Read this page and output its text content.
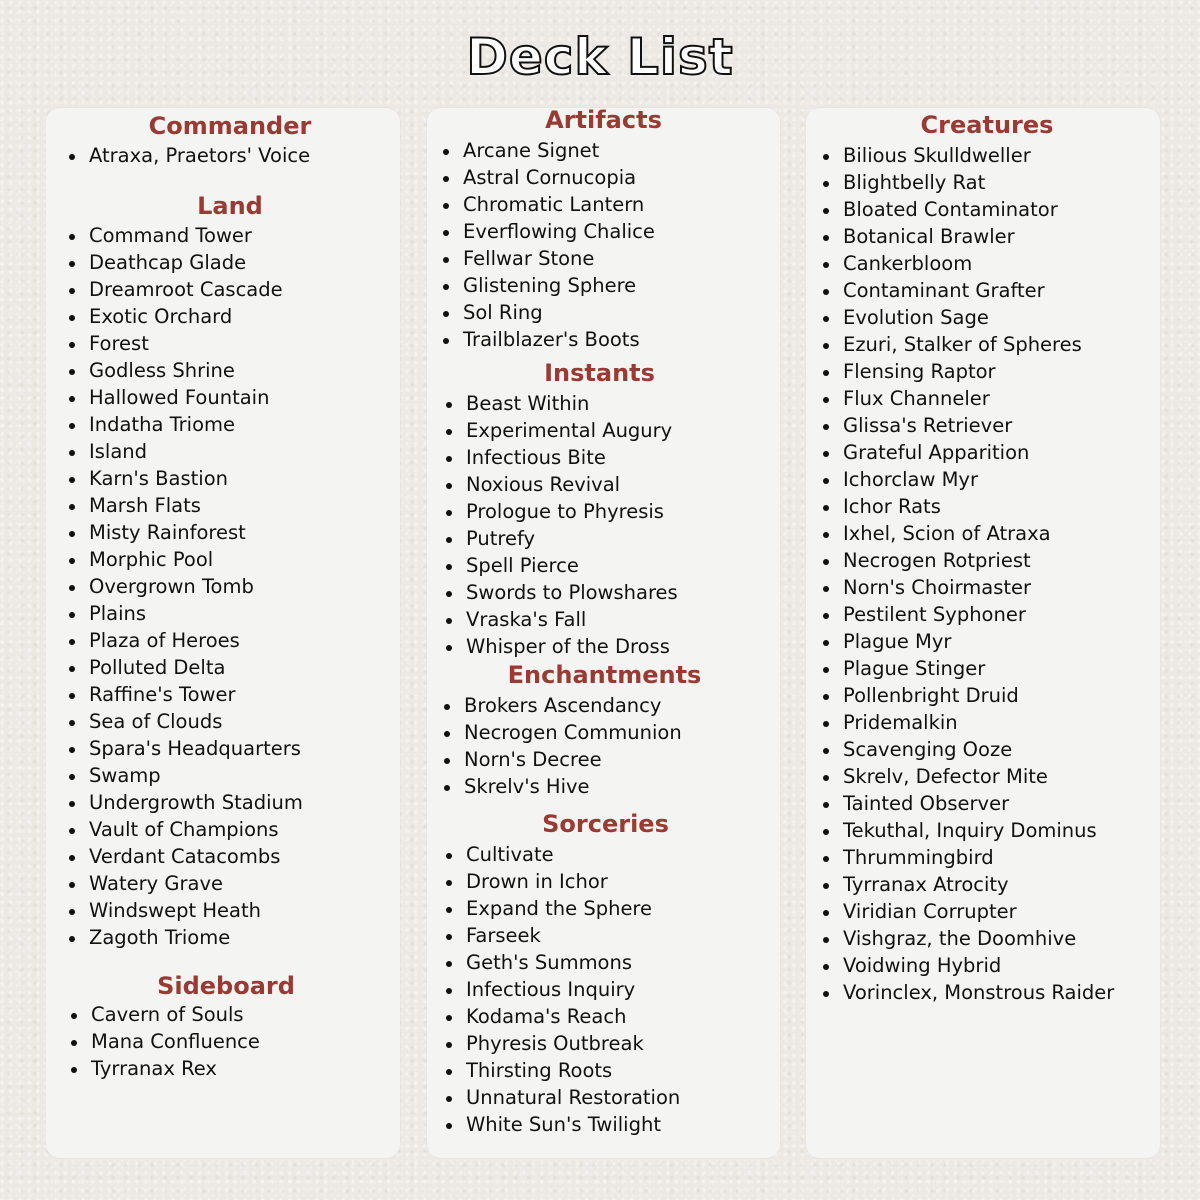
Deck List
Commander
Atraxa, Praetors' Voice
Land
Command Tower
Deathcap Glade
Dreamroot Cascade
Exotic Orchard
Forest
Godless Shrine
Hallowed Fountain
Indatha Triome
Island
Karn's Bastion
Marsh Flats
Misty Rainforest
Morphic Pool
Overgrown Tomb
Plains
Plaza of Heroes
Polluted Delta
Raffine's Tower
Sea of Clouds
Spara's Headquarters
Swamp
Undergrowth Stadium
Vault of Champions
Verdant Catacombs
Watery Grave
Windswept Heath
Zagoth Triome
Sideboard
Cavern of Souls
Mana Confluence
Tyrranax Rex
Artifacts
Arcane Signet
Astral Cornucopia
Chromatic Lantern
Everflowing Chalice
Fellwar Stone
Glistening Sphere
Sol Ring
Trailblazer's Boots
Instants
Beast Within
Experimental Augury
Infectious Bite
Noxious Revival
Prologue to Phyresis
Putrefy
Spell Pierce
Swords to Plowshares
Vraska's Fall
Whisper of the Dross
Enchantments
Brokers Ascendancy
Necrogen Communion
Norn's Decree
Skrelv's Hive
Sorceries
Cultivate
Drown in Ichor
Expand the Sphere
Farseek
Geth's Summons
Infectious Inquiry
Kodama's Reach
Phyresis Outbreak
Thirsting Roots
Unnatural Restoration
White Sun's Twilight
Creatures
Bilious Skulldweller
Blightbelly Rat
Bloated Contaminator
Botanical Brawler
Cankerbloom
Contaminant Grafter
Evolution Sage
Ezuri, Stalker of Spheres
Flensing Raptor
Flux Channeler
Glissa's Retriever
Grateful Apparition
Ichorclaw Myr
Ichor Rats
Ixhel, Scion of Atraxa
Necrogen Rotpriest
Norn's Choirmaster
Pestilent Syphoner
Plague Myr
Plague Stinger
Pollenbright Druid
Pridemalkin
Scavenging Ooze
Skrelv, Defector Mite
Tainted Observer
Tekuthal, Inquiry Dominus
Thrummingbird
Tyrranax Atrocity
Viridian Corrupter
Vishgraz, the Doomhive
Voidwing Hybrid
Vorinclex, Monstrous Raider
